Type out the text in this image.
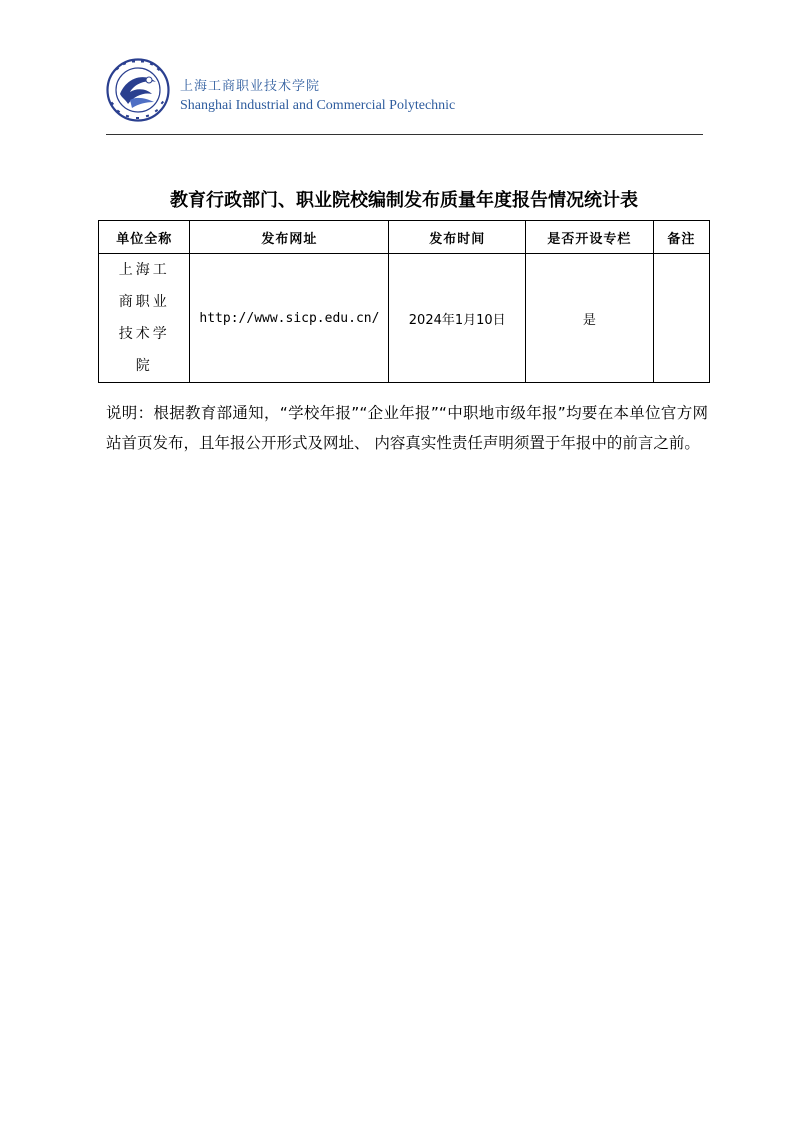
上海工商职业技术学院
Shanghai Industrial and Commercial Polytechnic
教育行政部门、职业院校编制发布质量年度报告情况统计表
单位全称	发布网址	发布时间	是否开设专栏	备注
上海工商职业技术学院	http://www.sicp.edu.cn/	2024年1月10日	是	
说明：根据教育部通知，“学校年报”“企业年报”“中职地市级年报”均要在本单位官方网站首页发布，且年报公开形式及网址、 内容真实性责任声明须置于年报中的前言之前。
